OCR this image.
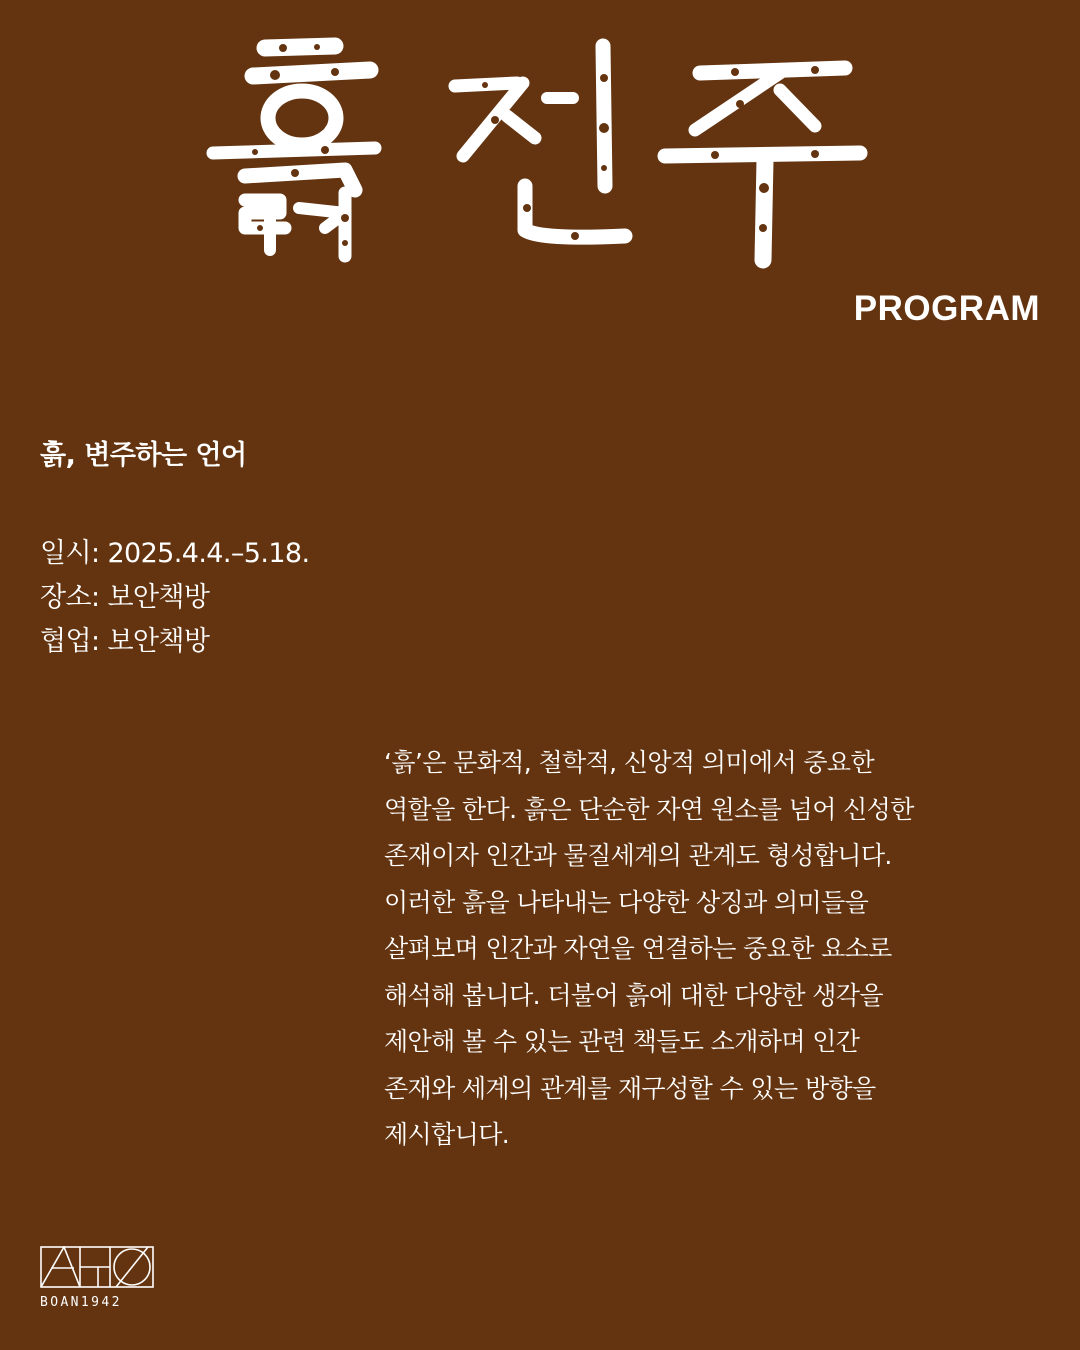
PROGRAM
흙, 변주하는 언어
일시: 2025.4.4.–5.18.
장소: 보안책방
협업: 보안책방
‘흙’은 문화적, 철학적, 신앙적 의미에서 중요한
역할을 한다. 흙은 단순한 자연 원소를 넘어 신성한
존재이자 인간과 물질세계의 관계도 형성합니다.
이러한 흙을 나타내는 다양한 상징과 의미들을
살펴보며 인간과 자연을 연결하는 중요한 요소로
해석해 봅니다. 더불어 흙에 대한 다양한 생각을
제안해 볼 수 있는 관련 책들도 소개하며 인간
존재와 세계의 관계를 재구성할 수 있는 방향을
제시합니다.
BOAN1942
